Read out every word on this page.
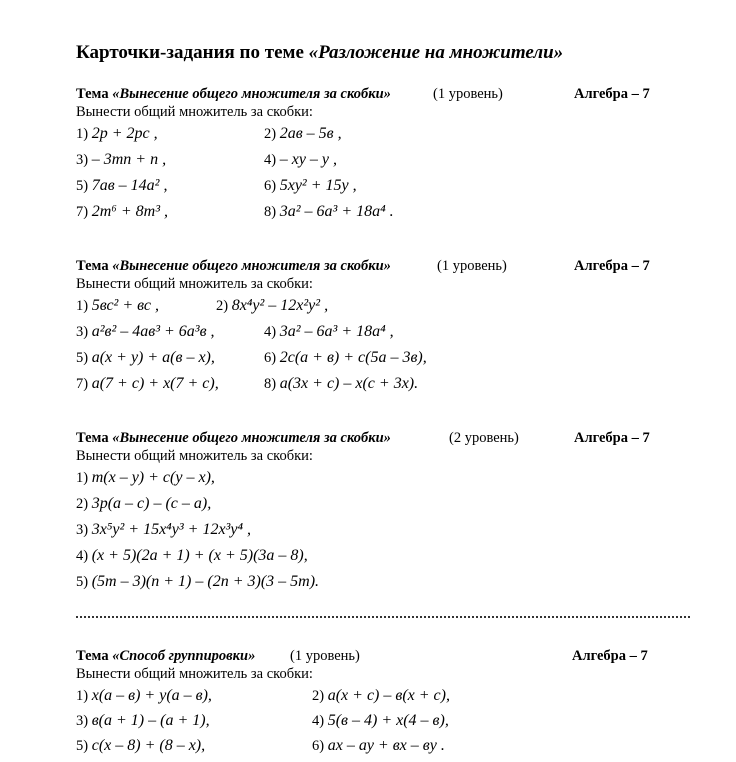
Карточки-задания по теме «Разложение на множители»
Тема «Вынесение общего множителя за скобки»	(1 уровень)	Алгебра – 7
Вынести общий множитель за скобки:
1) 2p + 2pc ,	2) 2ав – 5в ,
3) – 3mn + n ,	4) – xy – y ,
5) 7ав – 14a² ,	6) 5xy² + 15y ,
7) 2m⁶ + 8m³ ,	8) 3a² – 6a³ + 18a⁴ .
Тема «Вынесение общего множителя за скобки»	(1 уровень)	Алгебра – 7
Вынести общий множитель за скобки:
1) 5вс² + вс ,	2) 8x⁴y² – 12x²y² ,
3) a²в² – 4aв³ + 6a³в ,	4) 3a² – 6a³ + 18a⁴ ,
5) a(x + y) + a(в – x),	6) 2c(a + в) + c(5a – 3в),
7) a(7 + c) + x(7 + c),	8) a(3x + c) – x(c + 3x).
Тема «Вынесение общего множителя за скобки»	(2 уровень)	Алгебра – 7
Вынести общий множитель за скобки:
1) m(x – y) + c(y – x),
2) 3p(a – c) – (c – a),
3) 3x⁵y² + 15x⁴y³ + 12x³y⁴ ,
4) (x + 5)(2a + 1) + (x + 5)(3a – 8),
5) (5m – 3)(n + 1) – (2n + 3)(3 – 5m).
Тема «Способ группировки» (1 уровень)	Алгебра – 7
Вынести общий множитель за скобки:
1) x(a – в) + y(a – в),	2) a(x + c) – в(x + c),
3) в(a + 1) – (a + 1),	4) 5(в – 4) + x(4 – в),
5) c(x – 8) + (8 – x),	6) ax – ay + вx – вy .
